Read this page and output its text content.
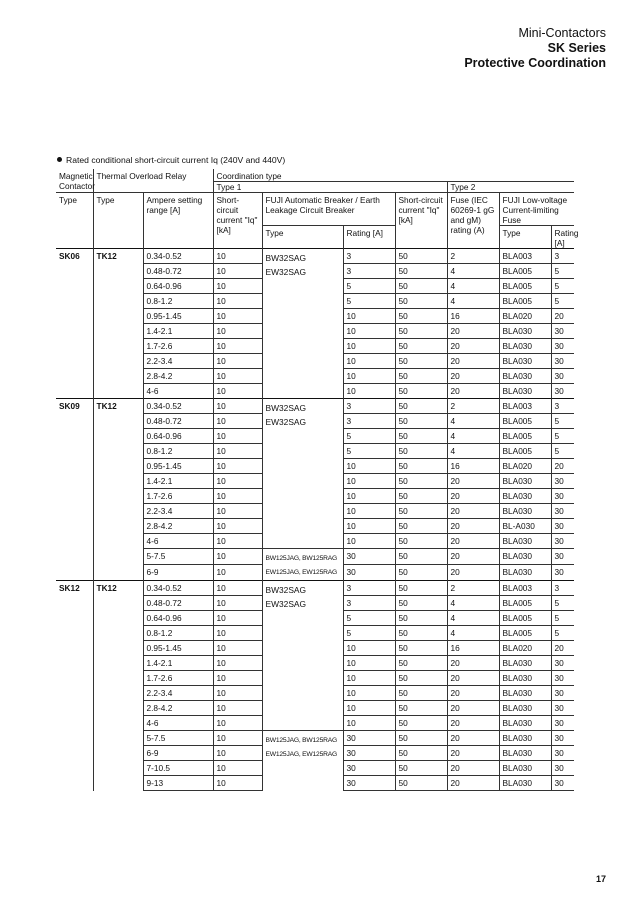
Mini-Contactors
SK Series
Protective Coordination
Rated conditional short-circuit current Iq (240V and 440V)
Magnetic Contactor	Thermal Overload Relay		Coordination type						
			Type 1				Type 2		
Type	Type	Ampere setting range [A]	Short-circuit current "Iq" [kA]	FUJI Automatic Breaker / Earth Leakage Circuit Breaker		Short-circuit current "Iq" [kA]	Fuse (IEC 60269-1 gG and gM) rating (A)	FUJI Low-voltage Current-limiting Fuse	
				Type	Rating [A]			Type	Rating [A]
SK06	TK12	0.34-0.52	10	BW32SAG EW32SAG	3	50	2	BLA003	3
		0.48-0.72	10		3	50	4	BLA005	5
		0.64-0.96	10		5	50	4	BLA005	5
		0.8-1.2	10		5	50	4	BLA005	5
		0.95-1.45	10		10	50	16	BLA020	20
		1.4-2.1	10		10	50	20	BLA030	30
		1.7-2.6	10		10	50	20	BLA030	30
		2.2-3.4	10		10	50	20	BLA030	30
		2.8-4.2	10		10	50	20	BLA030	30
		4-6	10		10	50	20	BLA030	30
SK09	TK12	0.34-0.52	10	BW32SAG EW32SAG	3	50	2	BLA003	3
		0.48-0.72	10		3	50	4	BLA005	5
		0.64-0.96	10		5	50	4	BLA005	5
		0.8-1.2	10		5	50	4	BLA005	5
		0.95-1.45	10		10	50	16	BLA020	20
		1.4-2.1	10		10	50	20	BLA030	30
		1.7-2.6	10		10	50	20	BLA030	30
		2.2-3.4	10		10	50	20	BLA030	30
		2.8-4.2	10		10	50	20	BL-A030	30
		4-6	10		10	50	20	BLA030	30
		5-7.5	10	BW125JAG, BW125RAG EW125JAG, EW125RAG	30	50	20	BLA030	30
		6-9	10		30	50	20	BLA030	30
SK12	TK12	0.34-0.52	10	BW32SAG EW32SAG	3	50	2	BLA003	3
		0.48-0.72	10		3	50	4	BLA005	5
		0.64-0.96	10		5	50	4	BLA005	5
		0.8-1.2	10		5	50	4	BLA005	5
		0.95-1.45	10		10	50	16	BLA020	20
		1.4-2.1	10		10	50	20	BLA030	30
		1.7-2.6	10		10	50	20	BLA030	30
		2.2-3.4	10		10	50	20	BLA030	30
		2.8-4.2	10		10	50	20	BLA030	30
		4-6	10		10	50	20	BLA030	30
		5-7.5	10	BW125JAG, BW125RAG EW125JAG, EW125RAG	30	50	20	BLA030	30
		6-9	10		30	50	20	BLA030	30
		7-10.5	10		30	50	20	BLA030	30
		9-13	10		30	50	20	BLA030	30
17
